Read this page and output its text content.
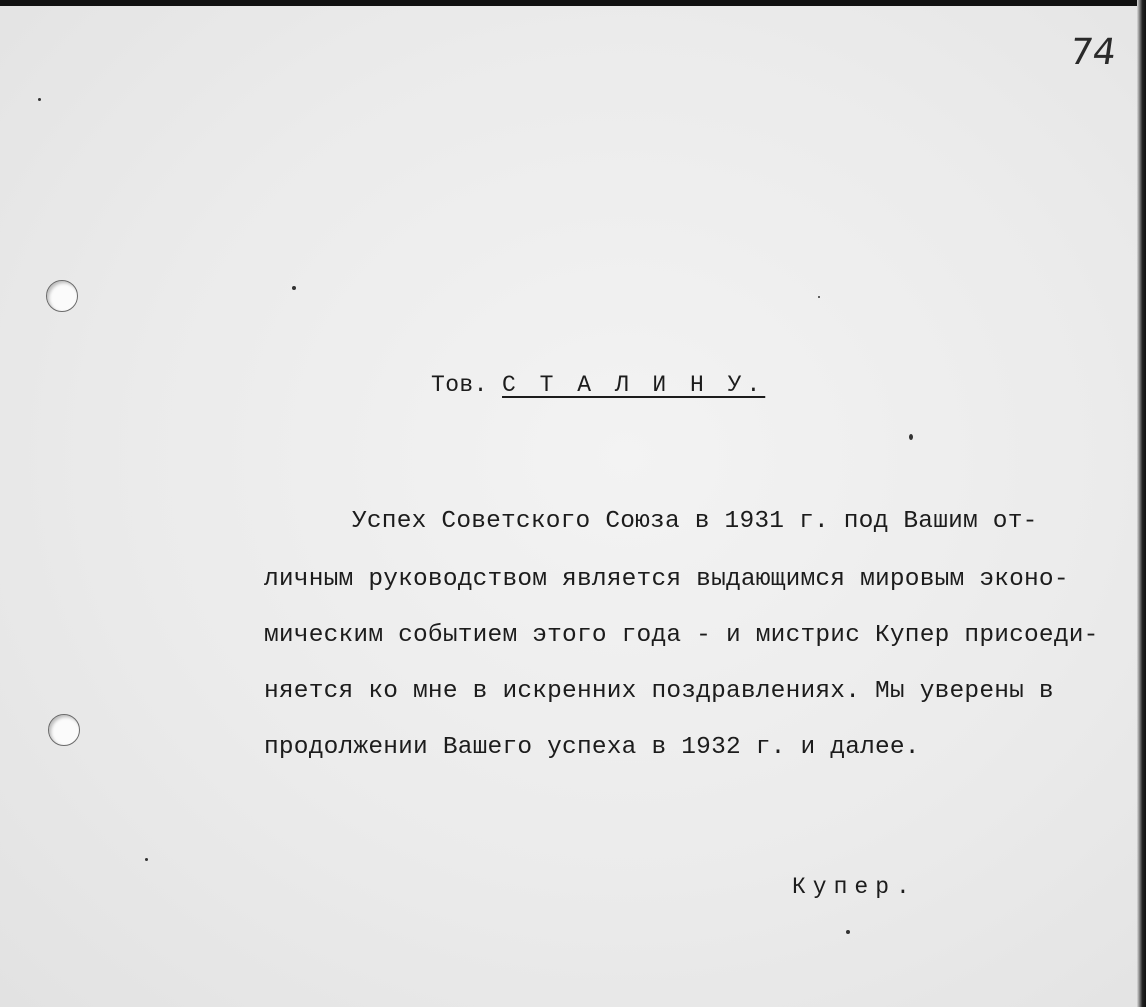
74
Тов. С Т А Л И Н У.
Успех Советского Союза в 1931 г. под Вашим от-
личным руководством является выдающимся мировым эконо-
мическим событием этого года - и мистрис Купер присоеди-
няется ко мне в искренних поздравлениях. Мы уверены в
продолжении Вашего успеха в 1932 г. и далее.
Купер.
